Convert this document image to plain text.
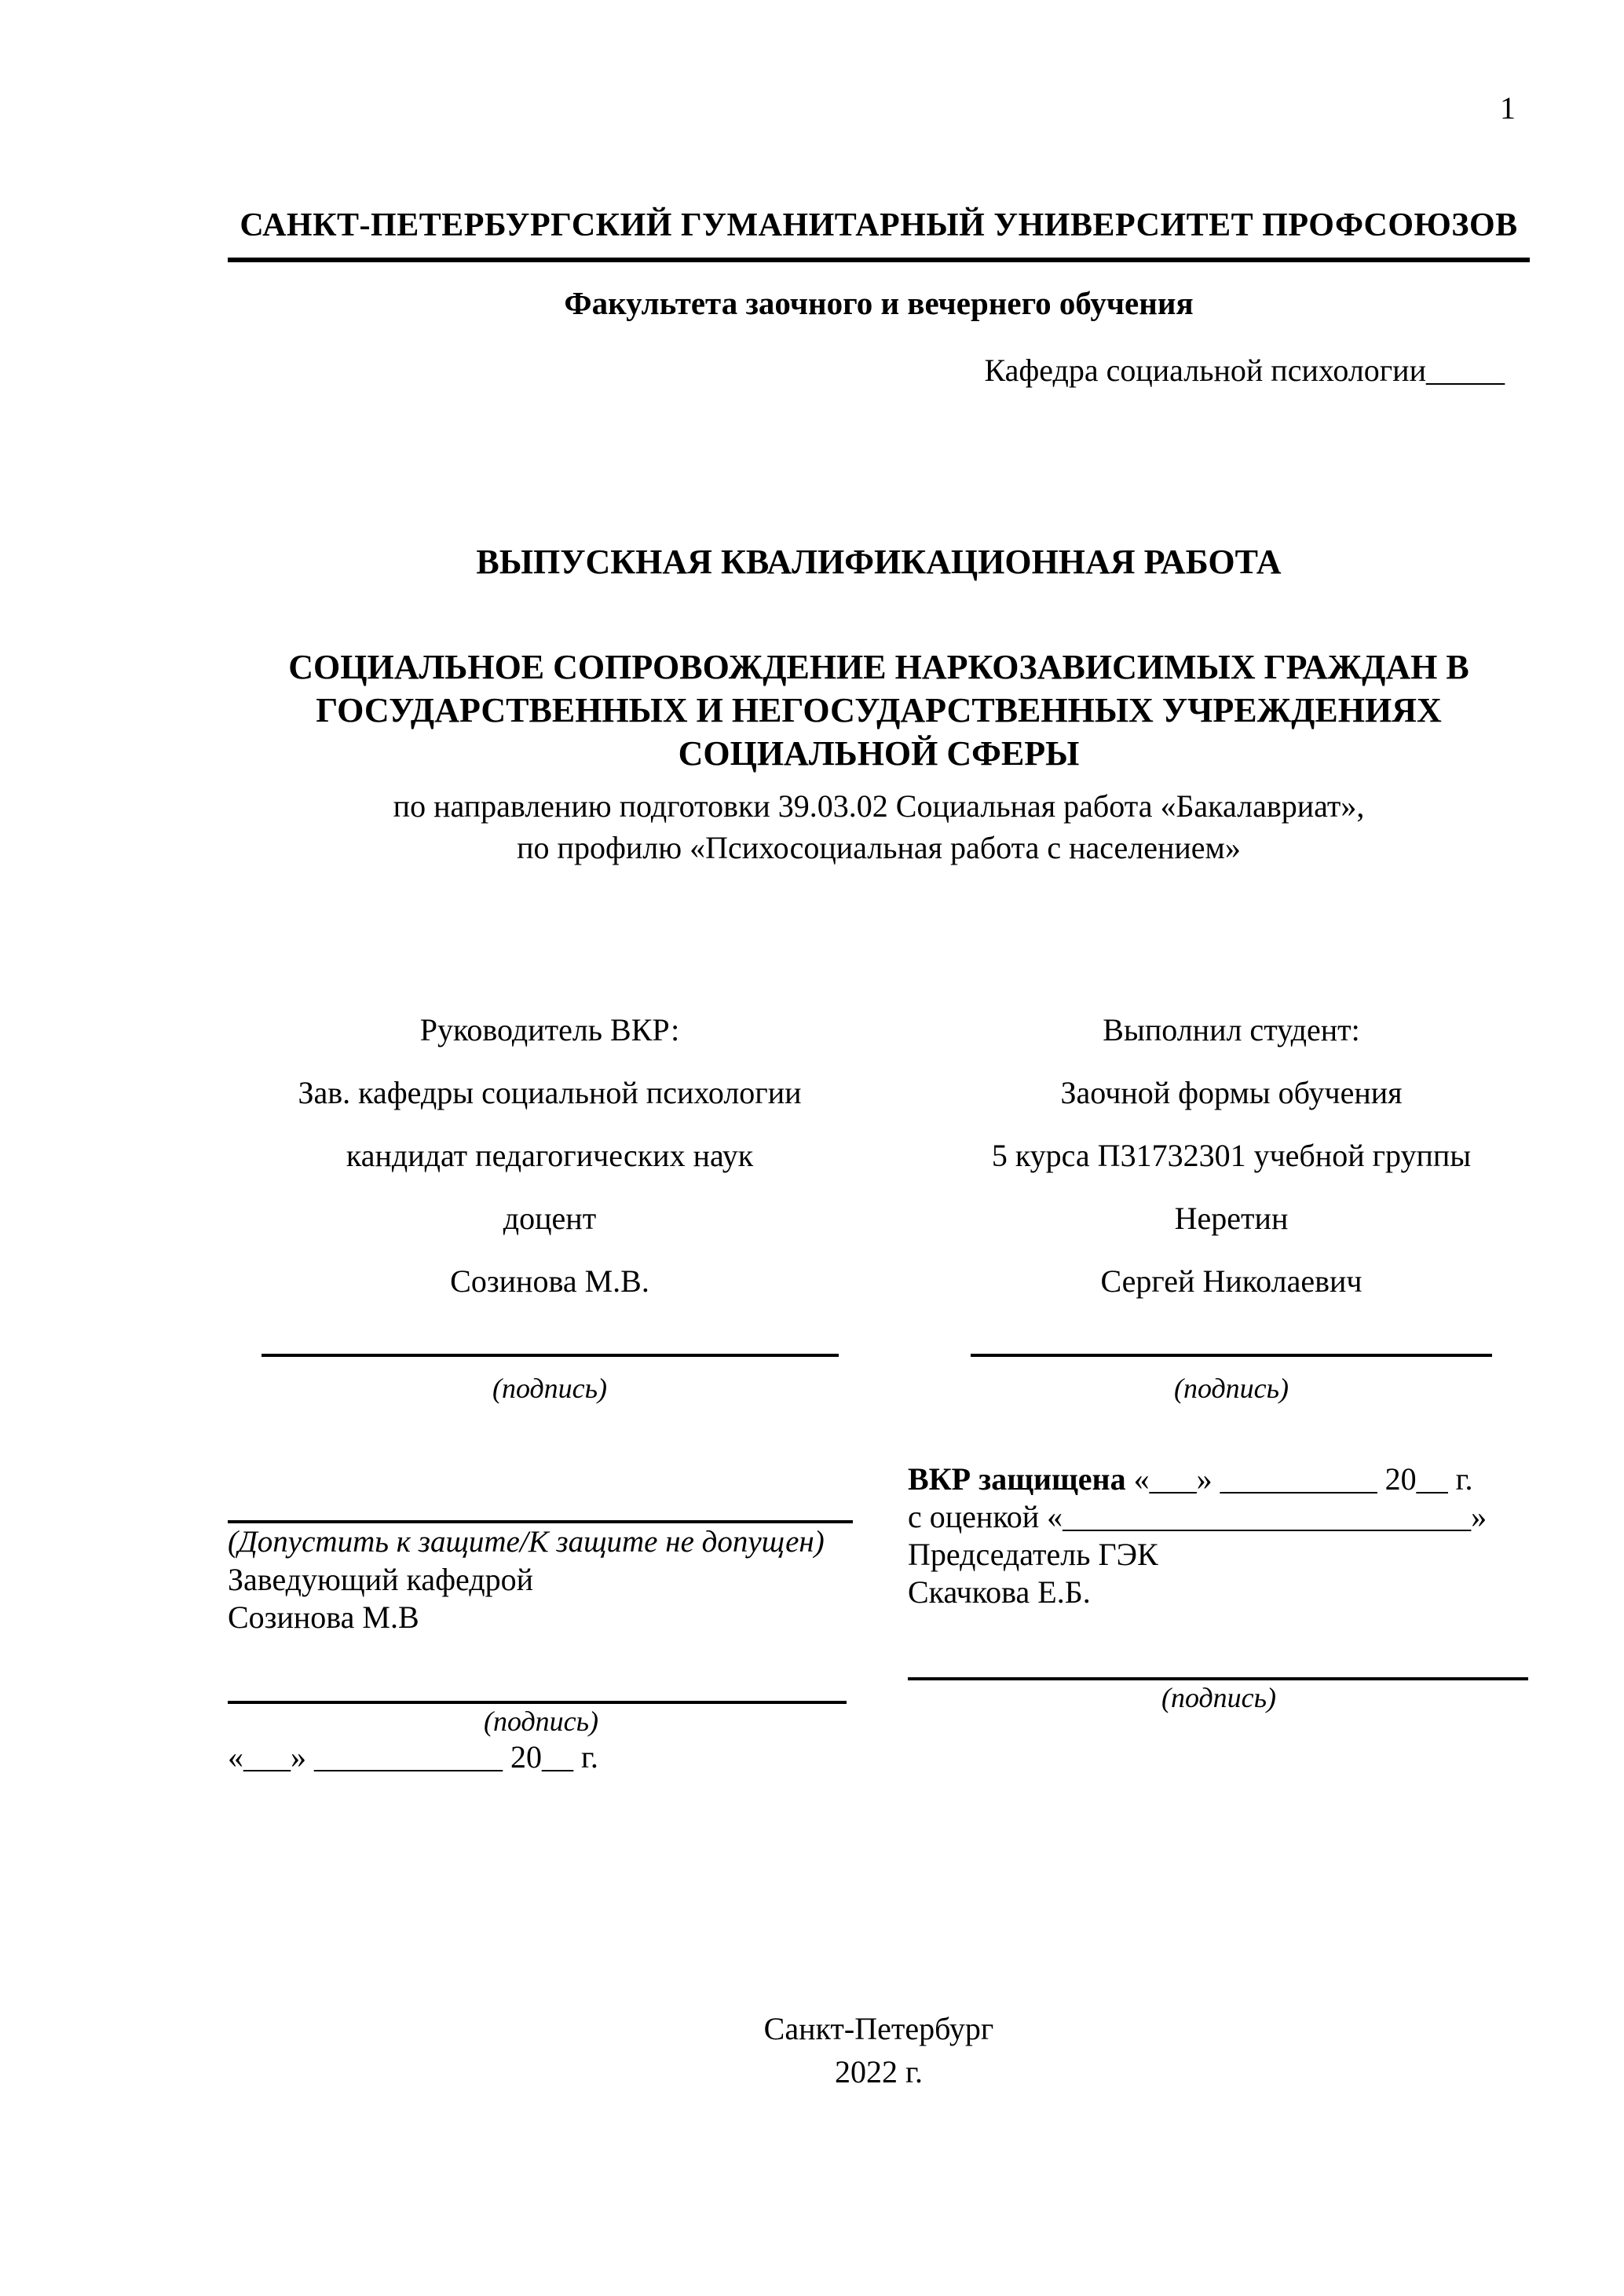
1
САНКТ-ПЕТЕРБУРГСКИЙ ГУМАНИТАРНЫЙ УНИВЕРСИТЕТ ПРОФСОЮЗОВ
Факультета заочного и вечернего обучения
Кафедра социальной психологии_____
ВЫПУСКНАЯ КВАЛИФИКАЦИОННАЯ РАБОТА
СОЦИАЛЬНОЕ СОПРОВОЖДЕНИЕ НАРКОЗАВИСИМЫХ ГРАЖДАН В
ГОСУДАРСТВЕННЫХ И НЕГОСУДАРСТВЕННЫХ УЧРЕЖДЕНИЯХ
СОЦИАЛЬНОЙ СФЕРЫ
по направлению подготовки 39.03.02 Социальная работа «Бакалавриат»,
по профилю «Психосоциальная работа с населением»

Руководитель ВКР:

Зав. кафедры социальной психологии

кандидат педагогических наук

доцент

Созинова М.В.

(подпись)

Выполнил студент:

Заочной формы обучения

5 курса П31732301 учебной группы

Неретин

Сергей Николаевич

(подпись)

(Допустить к защите/К защите не допущен)

Заведующий кафедрой

Созинова М.В

(подпись)

«___» ____________ 20__ г.

ВКР защищена «___» __________ 20__ г.

с оценкой «__________________________»

Председатель ГЭК

Скачкова Е.Б.

(подпись)

Санкт-Петербург
2022 г.
